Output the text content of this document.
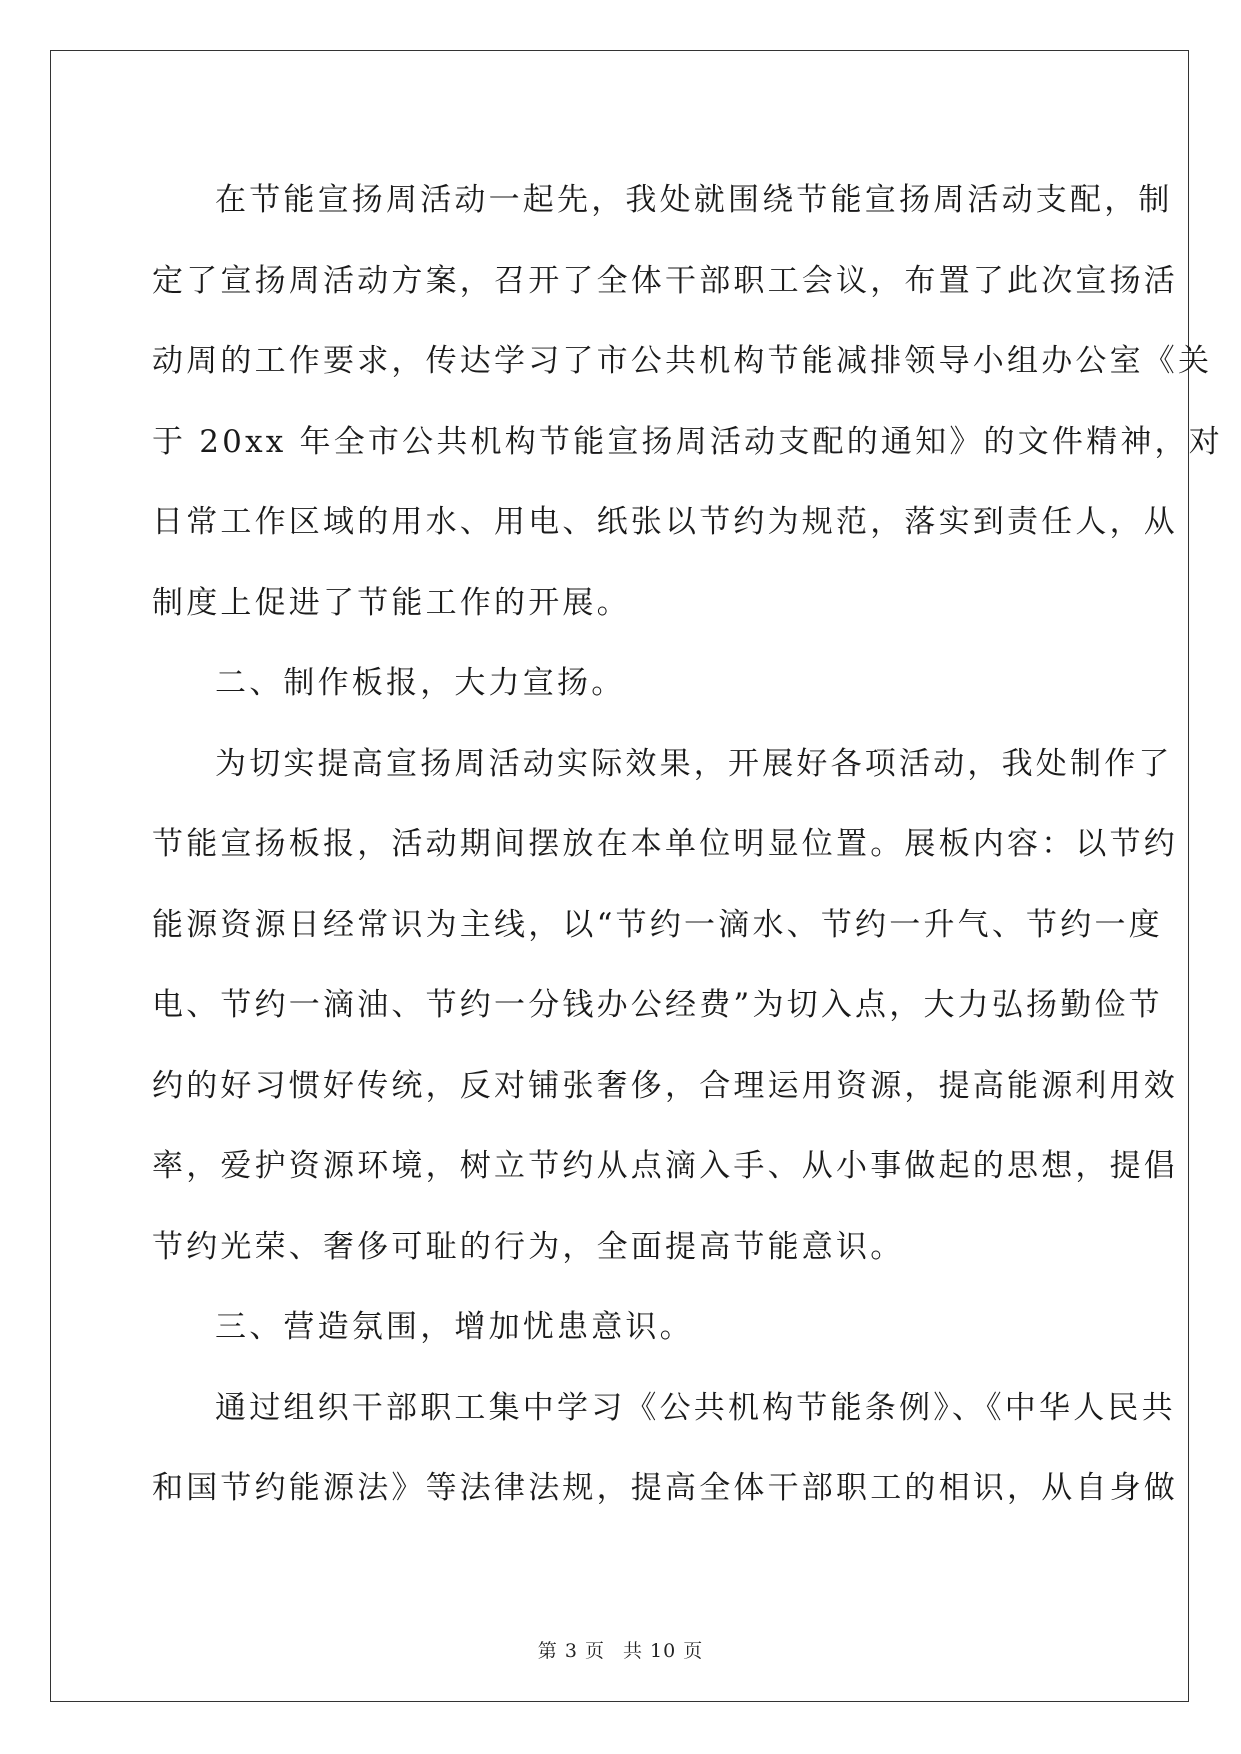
在节能宣扬周活动一起先，我处就围绕节能宣扬周活动支配，制
定了宣扬周活动方案，召开了全体干部职工会议，布置了此次宣扬活
动周的工作要求，传达学习了市公共机构节能减排领导小组办公室《关
于 20xx 年全市公共机构节能宣扬周活动支配的通知》的文件精神，对
日常工作区域的用水、用电、纸张以节约为规范，落实到责任人，从
制度上促进了节能工作的开展。
二、制作板报，大力宣扬。
为切实提高宣扬周活动实际效果，开展好各项活动，我处制作了
节能宣扬板报，活动期间摆放在本单位明显位置。展板内容：以节约
能源资源日经常识为主线，以“节约一滴水、节约一升气、节约一度
电、节约一滴油、节约一分钱办公经费”为切入点，大力弘扬勤俭节
约的好习惯好传统，反对铺张奢侈，合理运用资源，提高能源利用效
率，爱护资源环境，树立节约从点滴入手、从小事做起的思想，提倡
节约光荣、奢侈可耻的行为，全面提高节能意识。
三、营造氛围，增加忧患意识。
通过组织干部职工集中学习《公共机构节能条例》、《中华人民共
和国节约能源法》等法律法规，提高全体干部职工的相识，从自身做
第 3 页 共 10 页
